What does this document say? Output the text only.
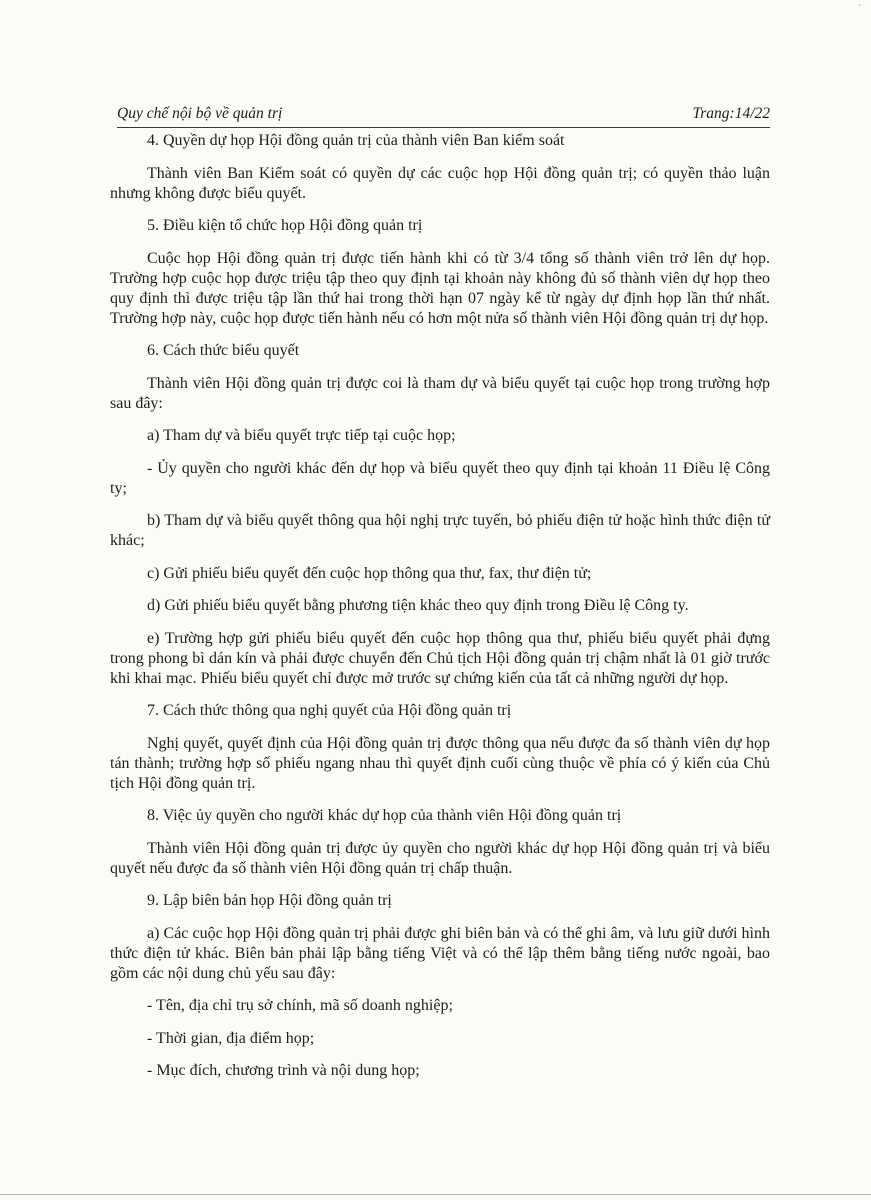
ˋ
Quy chế nội bộ về quản trị	Trang:14/22

4. Quyền dự họp Hội đồng quản trị của thành viên Ban kiểm soát

Thành viên Ban Kiểm soát có quyền dự các cuộc họp Hội đồng quản trị; có quyền thảo luận nhưng không được biểu quyết.

5. Điều kiện tổ chức họp Hội đồng quản trị

Cuộc họp Hội đồng quản trị được tiến hành khi có từ 3/4 tổng số thành viên trở lên dự họp. Trường hợp cuộc họp được triệu tập theo quy định tại khoản này không đủ số thành viên dự họp theo quy định thì được triệu tập lần thứ hai trong thời hạn 07 ngày kể từ ngày dự định họp lần thứ nhất. Trường hợp này, cuộc họp được tiến hành nếu có hơn một nửa số thành viên Hội đồng quản trị dự họp.

6. Cách thức biểu quyết

Thành viên Hội đồng quản trị được coi là tham dự và biểu quyết tại cuộc họp trong trường hợp sau đây:

a) Tham dự và biểu quyết trực tiếp tại cuộc họp;

- Ủy quyền cho người khác đến dự họp và biểu quyết theo quy định tại khoản 11 Điều lệ Công ty;

b) Tham dự và biểu quyết thông qua hội nghị trực tuyến, bỏ phiếu điện tử hoặc hình thức điện tử khác;

c) Gửi phiếu biểu quyết đến cuộc họp thông qua thư, fax, thư điện tử;

d) Gửi phiếu biểu quyết bằng phương tiện khác theo quy định trong Điều lệ Công ty.

e) Trường hợp gửi phiếu biểu quyết đến cuộc họp thông qua thư, phiếu biểu quyết phải đựng trong phong bì dán kín và phải được chuyển đến Chủ tịch Hội đồng quản trị chậm nhất là 01 giờ trước khi khai mạc. Phiếu biểu quyết chỉ được mở trước sự chứng kiến của tất cả những người dự họp.

7. Cách thức thông qua nghị quyết của Hội đồng quản trị

Nghị quyết, quyết định của Hội đồng quản trị được thông qua nếu được đa số thành viên dự họp tán thành; trường hợp số phiếu ngang nhau thì quyết định cuối cùng thuộc về phía có ý kiến của Chủ tịch Hội đồng quản trị.

8. Việc ủy quyền cho người khác dự họp của thành viên Hội đồng quản trị

Thành viên Hội đồng quản trị được ủy quyền cho người khác dự họp Hội đồng quản trị và biểu quyết nếu được đa số thành viên Hội đồng quản trị chấp thuận.

9. Lập biên bản họp Hội đồng quản trị

a) Các cuộc họp Hội đồng quản trị phải được ghi biên bản và có thể ghi âm, và lưu giữ dưới hình thức điện tử khác. Biên bản phải lập bằng tiếng Việt và có thể lập thêm bằng tiếng nước ngoài, bao gồm các nội dung chủ yếu sau đây:

- Tên, địa chỉ trụ sở chính, mã số doanh nghiệp;

- Thời gian, địa điểm họp;

- Mục đích, chương trình và nội dung họp;
